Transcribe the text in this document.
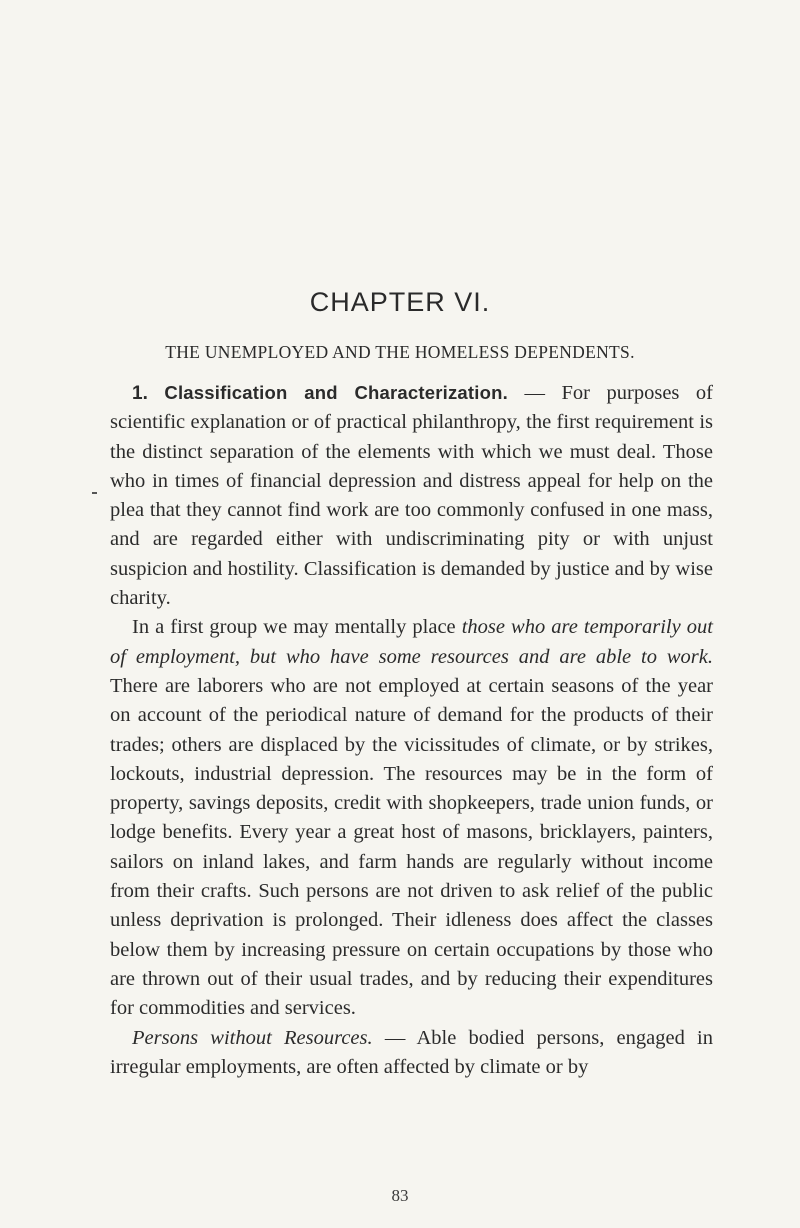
CHAPTER VI.
THE UNEMPLOYED AND THE HOMELESS DEPENDENTS.

1. Classification and Characterization. — For purposes of scientific explanation or of practical philanthropy, the first requirement is the distinct separation of the elements with which we must deal. Those who in times of financial depression and distress appeal for help on the plea that they cannot find work are too commonly confused in one mass, and are regarded either with undiscriminating pity or with unjust suspicion and hostility. Classification is demanded by justice and by wise charity.

In a first group we may mentally place those who are temporarily out of employment, but who have some resources and are able to work. There are laborers who are not employed at certain seasons of the year on account of the periodical nature of demand for the products of their trades; others are displaced by the vicissitudes of climate, or by strikes, lockouts, industrial depression. The resources may be in the form of property, savings deposits, credit with shopkeepers, trade union funds, or lodge benefits. Every year a great host of masons, bricklayers, painters, sailors on inland lakes, and farm hands are regularly without income from their crafts. Such persons are not driven to ask relief of the public unless deprivation is prolonged. Their idleness does affect the classes below them by increasing pressure on certain occupations by those who are thrown out of their usual trades, and by reducing their expenditures for commodities and services.

Persons without Resources. — Able bodied persons, engaged in irregular employments, are often affected by climate or by

83
